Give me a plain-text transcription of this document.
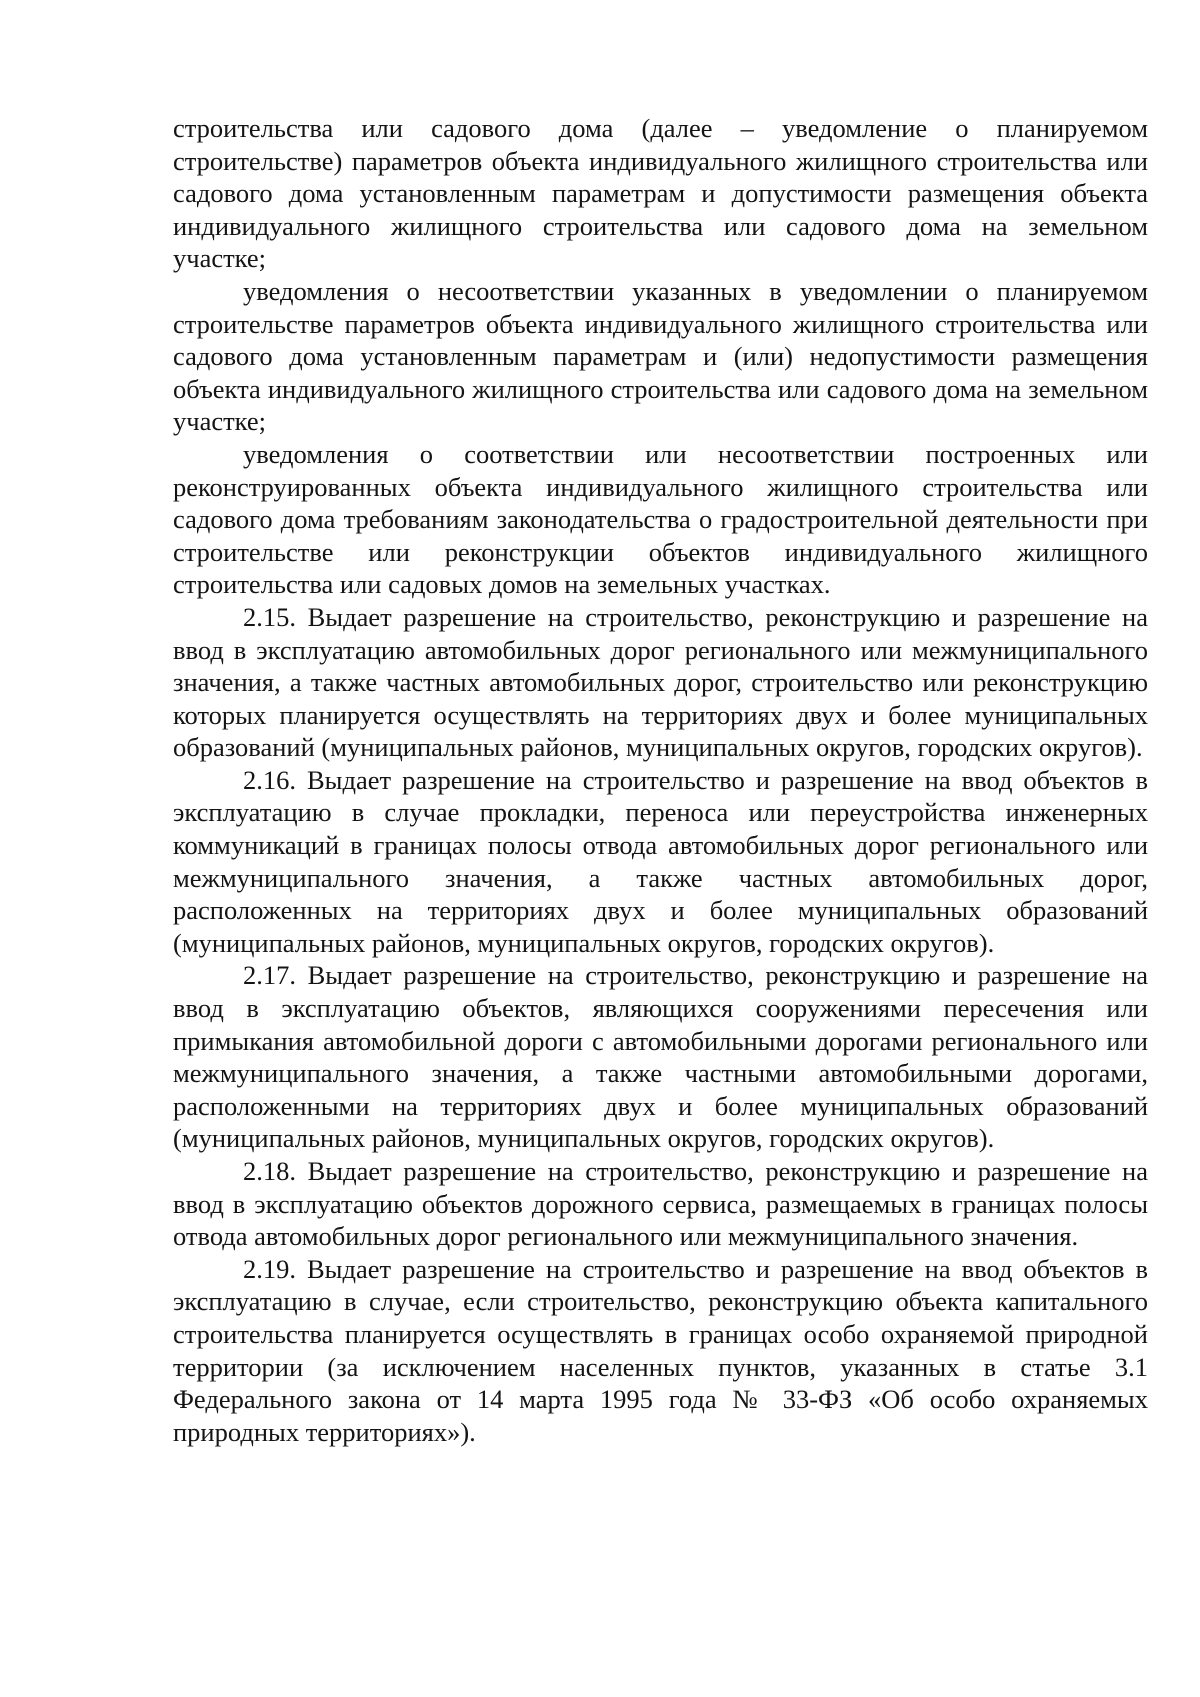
строительства или садового дома (далее – уведомление о планируемом строительстве) параметров объекта индивидуального жилищного строительства или садового дома установленным параметрам и допустимости размещения объекта индивидуального жилищного строительства или садового дома на земельном участке;

уведомления о несоответствии указанных в уведомлении о планируемом строительстве параметров объекта индивидуального жилищного строительства или садового дома установленным параметрам и (или) недопустимости размещения объекта индивидуального жилищного строительства или садового дома на земельном участке;

уведомления о соответствии или несоответствии построенных или реконструированных объекта индивидуального жилищного строительства или садового дома требованиям законодательства о градостроительной деятельности при строительстве или реконструкции объектов индивидуального жилищного строительства или садовых домов на земельных участках.

2.15. Выдает разрешение на строительство, реконструкцию и разрешение на ввод в эксплуатацию автомобильных дорог регионального или межмуниципального значения, а также частных автомобильных дорог, строительство или реконструкцию которых планируется осуществлять на территориях двух и более муниципальных образований (муниципальных районов, муниципальных округов, городских округов).

2.16. Выдает разрешение на строительство и разрешение на ввод объектов в эксплуатацию в случае прокладки, переноса или переустройства инженерных коммуникаций в границах полосы отвода автомобильных дорог регионального или межмуниципального значения, а также частных автомобильных дорог, расположенных на территориях двух и более муниципальных образований (муниципальных районов, муниципальных округов, городских округов).

2.17. Выдает разрешение на строительство, реконструкцию и разрешение на ввод в эксплуатацию объектов, являющихся сооружениями пересечения или примыкания автомобильной дороги с автомобильными дорогами регионального или межмуниципального значения, а также частными автомобильными дорогами, расположенными на территориях двух и более муниципальных образований (муниципальных районов, муниципальных округов, городских округов).

2.18. Выдает разрешение на строительство, реконструкцию и разрешение на ввод в эксплуатацию объектов дорожного сервиса, размещаемых в границах полосы отвода автомобильных дорог регионального или межмуниципального значения.

2.19. Выдает разрешение на строительство и разрешение на ввод объектов в эксплуатацию в случае, если строительство, реконструкцию объекта капитального строительства планируется осуществлять в границах особо охраняемой природной территории (за исключением населенных пунктов, указанных в статье 3.1 Федерального закона от 14 марта 1995 года № 33-ФЗ «Об особо охраняемых природных территориях»).
